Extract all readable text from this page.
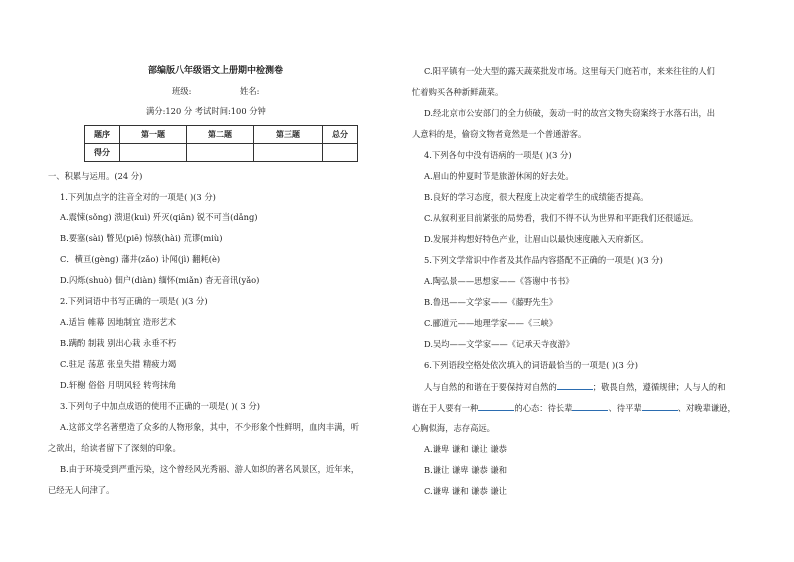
部编版八年级语文上册期中检测卷
班级:	姓名:
满分:120 分 考试时间:100 分钟
题序	第一题	第二题	第三题	总分
得分				
一、积累与运用。(24 分)
1.下列加点字的注音全对的一项是( )(3 分)
A.震悚(sǒng) 溃退(kuì) 歼灭(qiān) 锐不可当(dǎng)
B.要塞(sài) 瞥见(piē) 惊骇(hài) 荒谬(miù)
C．横亘(gèng) 藩井(zǎo) 讣闻(jì) 翻耗(è)
D.闪烁(shuò) 佃户(diàn) 缅怀(miǎn) 杳无音讯(yǎo)
2.下列词语中书写正确的一项是( )(3 分)
A.适旨 帷幕 因地制宜 造形艺术
B.蹒酌 制栽 别出心栽 永垂不朽
C.驻足 荡葸 张皇失措 精疲力竭
D.轩榭 俗俗 月明风轻 转弯抹角
3.下列句子中加点成语的使用不正确的一项是( )( 3 分)
A.这部文学名著塑造了众多的人物形象，其中，不少形象个性鲜明，血肉丰满，听
之欲出，给读者留下了深刻的印象。
B.由于环境受到严重污染，这个曾经风光秀丽、游人如织的著名风景区，近年来，
已经无人问津了。
C.阳平镇有一处大型的露天蔬菜批发市场。这里每天门庭若市，来来往往的人们
忙着购买各种新鲜蔬菜。
D.经北京市公安部门的全力侦破，轰动一时的故宫文物失窃案终于水落石出，出
人意料的是，偷窃文物者竟然是一个普通游客。
4.下列各句中没有语病的一项是( )(3 分)
A.眉山的仲夏时节是旅游休闲的好去处。
B.良好的学习态度，很大程度上决定着学生的成绩能否提高。
C.从叙利亚目前紧张的局势看，我们不得不认为世界和平距我们还很遥远。
D.发展并构想好特色产业，让眉山以最快速度融入天府新区。
5.下列文学常识中作者及其作品内容搭配不正确的一项是( )(3 分)
A.陶弘景——思想家——《答谢中书书》
B.鲁迅——文学家——《藤野先生》
C.郦道元——地理学家——《三峡》
D.吴均——文学家——《记承天寺夜游》
6.下列语段空格处依次填入的词语最恰当的一项是( )(3 分)
人与自然的和谐在于要保持对自然的	；敬畏自然，遵循规律；人与人的和
谐在于人要有一种	的心态：待长辈	、待平辈	、对晚辈谦逊，
心胸似海，志存高远。
A.谦卑 谦和 谦让 谦恭
B.谦让 谦卑 谦恭 谦和
C.谦卑 谦和 谦恭 谦让
